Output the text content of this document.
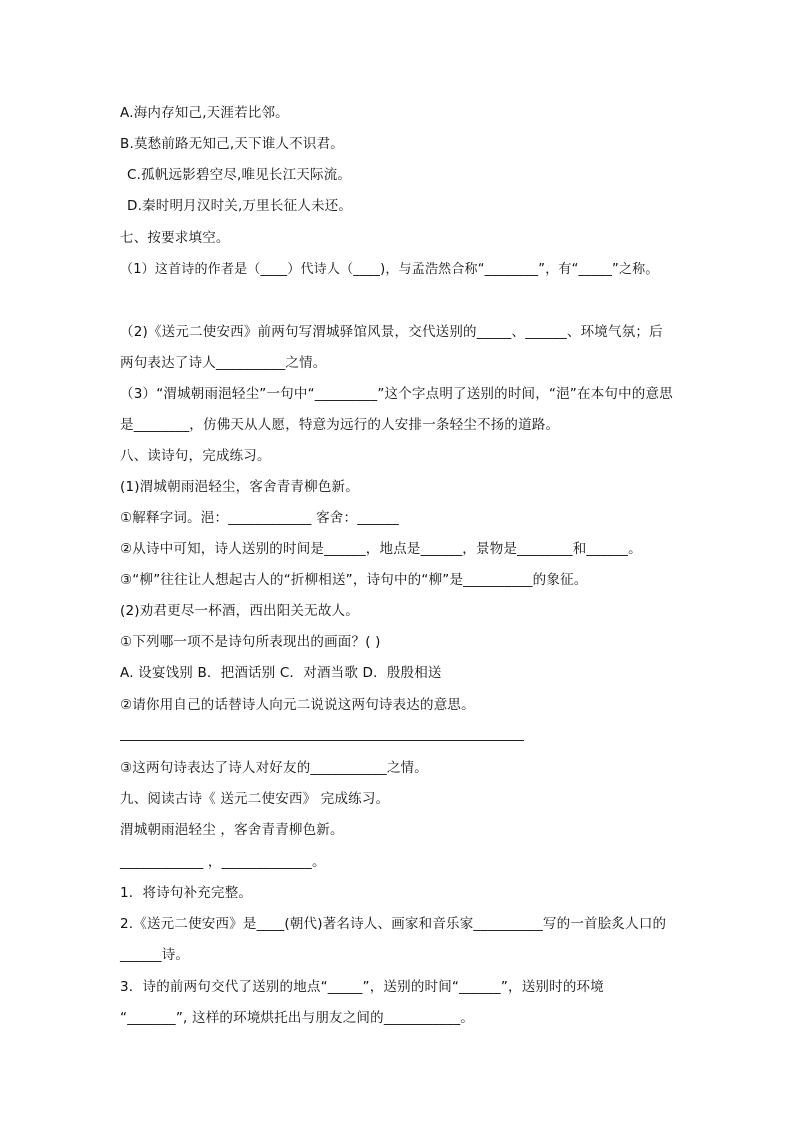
A.海内存知己,天涯若比邻。
B.莫愁前路无知己,天下谁人不识君。
C.孤帆远影碧空尽,唯见长江天际流。
D.秦时明月汉时关,万里长征人未还。
七、按要求填空。
（1）这首诗的作者是（____）代诗人（____)，与孟浩然合称“________”，有“_____”之称。
（2)《送元二使安西》前两句写渭城驿馆风景，交代送别的_____、______、环境气氛；后
两句表达了诗人__________之情。
（3）“渭城朝雨浥轻尘”一句中“_________”这个字点明了送别的时间，“浥”在本句中的意思
是________，仿佛天从人愿，特意为远行的人安排一条轻尘不扬的道路。
八、读诗句，完成练习。
(1)渭城朝雨浥轻尘，客舍青青柳色新。
①解释字词。浥：____________ 客舍：______
②从诗中可知，诗人送别的时间是______，地点是______，景物是________和______。
③“柳”往往让人想起古人的“折柳相送”，诗句中的“柳”是__________的象征。
(2)劝君更尽一杯酒，西出阳关无故人。
①下列哪一项不是诗句所表现出的画面？( )
A. 设宴饯别 B．把酒话别 C．对酒当歌 D．殷殷相送
②请你用自己的话替诗人向元二说说这两句诗表达的意思。
③这两句诗表达了诗人对好友的___________之情。
九、阅读古诗《 送元二使安西》 完成练习。
渭城朝雨浥轻尘 ，客舍青青柳色新。
____________ ，_____________。
1．将诗句补充完整。
2.《送元二使安西》是____(朝代)著名诗人、画家和音乐家__________写的一首脍炙人口的
______诗。
3．诗的前两句交代了送别的地点“_____”，送别的时间“______”，送别时的环境
“_______”, 这样的环境烘托出与朋友之间的___________。
